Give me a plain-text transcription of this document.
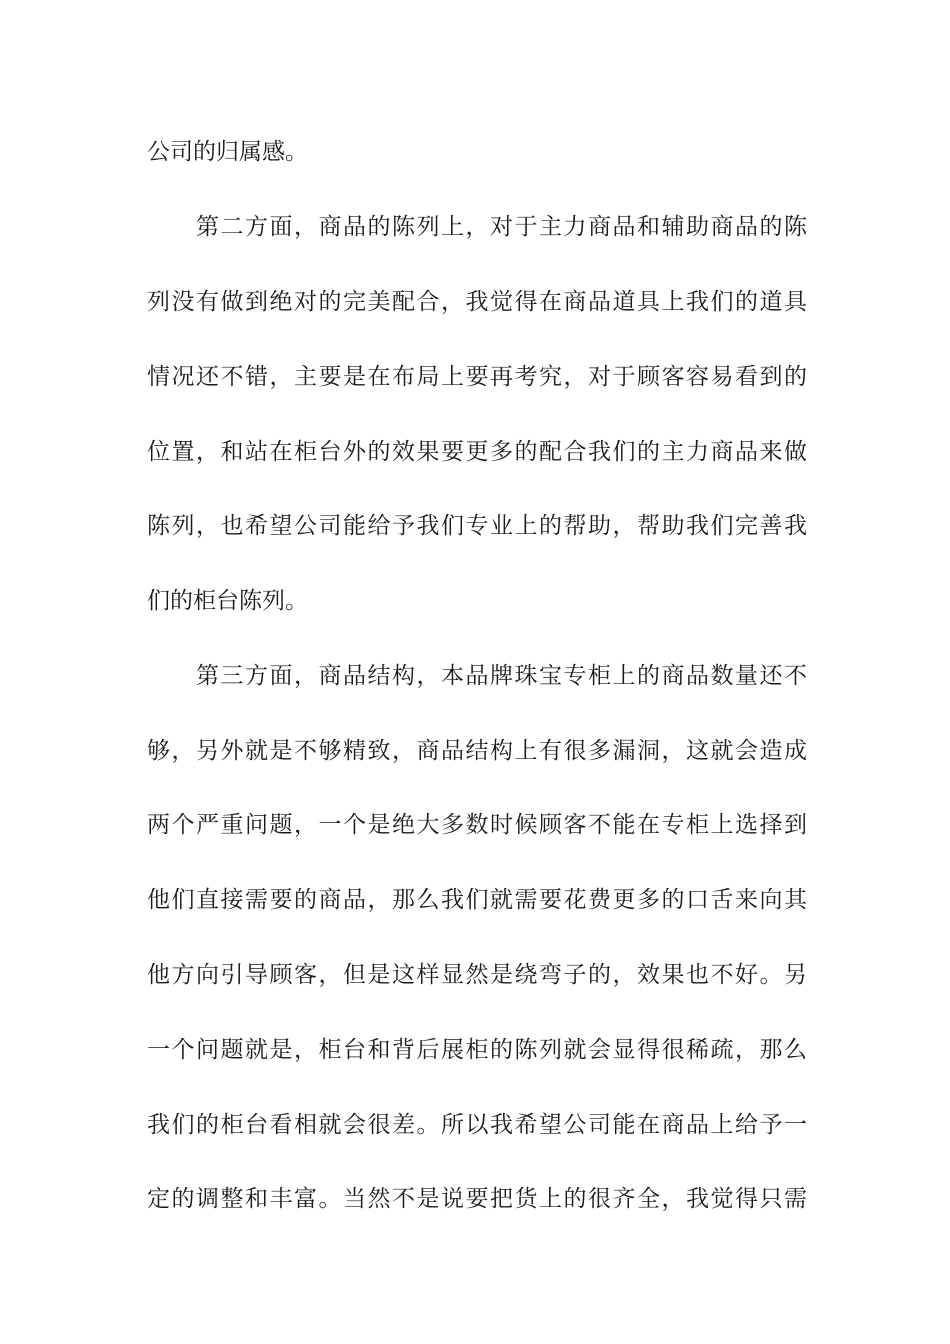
公司的归属感。
第二方面，商品的陈列上，对于主力商品和辅助商品的陈
列没有做到绝对的完美配合，我觉得在商品道具上我们的道具
情况还不错，主要是在布局上要再考究，对于顾客容易看到的
位置，和站在柜台外的效果要更多的配合我们的主力商品来做
陈列，也希望公司能给予我们专业上的帮助，帮助我们完善我
们的柜台陈列。
第三方面，商品结构，本品牌珠宝专柜上的商品数量还不
够，另外就是不够精致，商品结构上有很多漏洞，这就会造成
两个严重问题，一个是绝大多数时候顾客不能在专柜上选择到
他们直接需要的商品，那么我们就需要花费更多的口舌来向其
他方向引导顾客，但是这样显然是绕弯子的，效果也不好。另
一个问题就是，柜台和背后展柜的陈列就会显得很稀疏，那么
我们的柜台看相就会很差。所以我希望公司能在商品上给予一
定的调整和丰富。当然不是说要把货上的很齐全，我觉得只需
